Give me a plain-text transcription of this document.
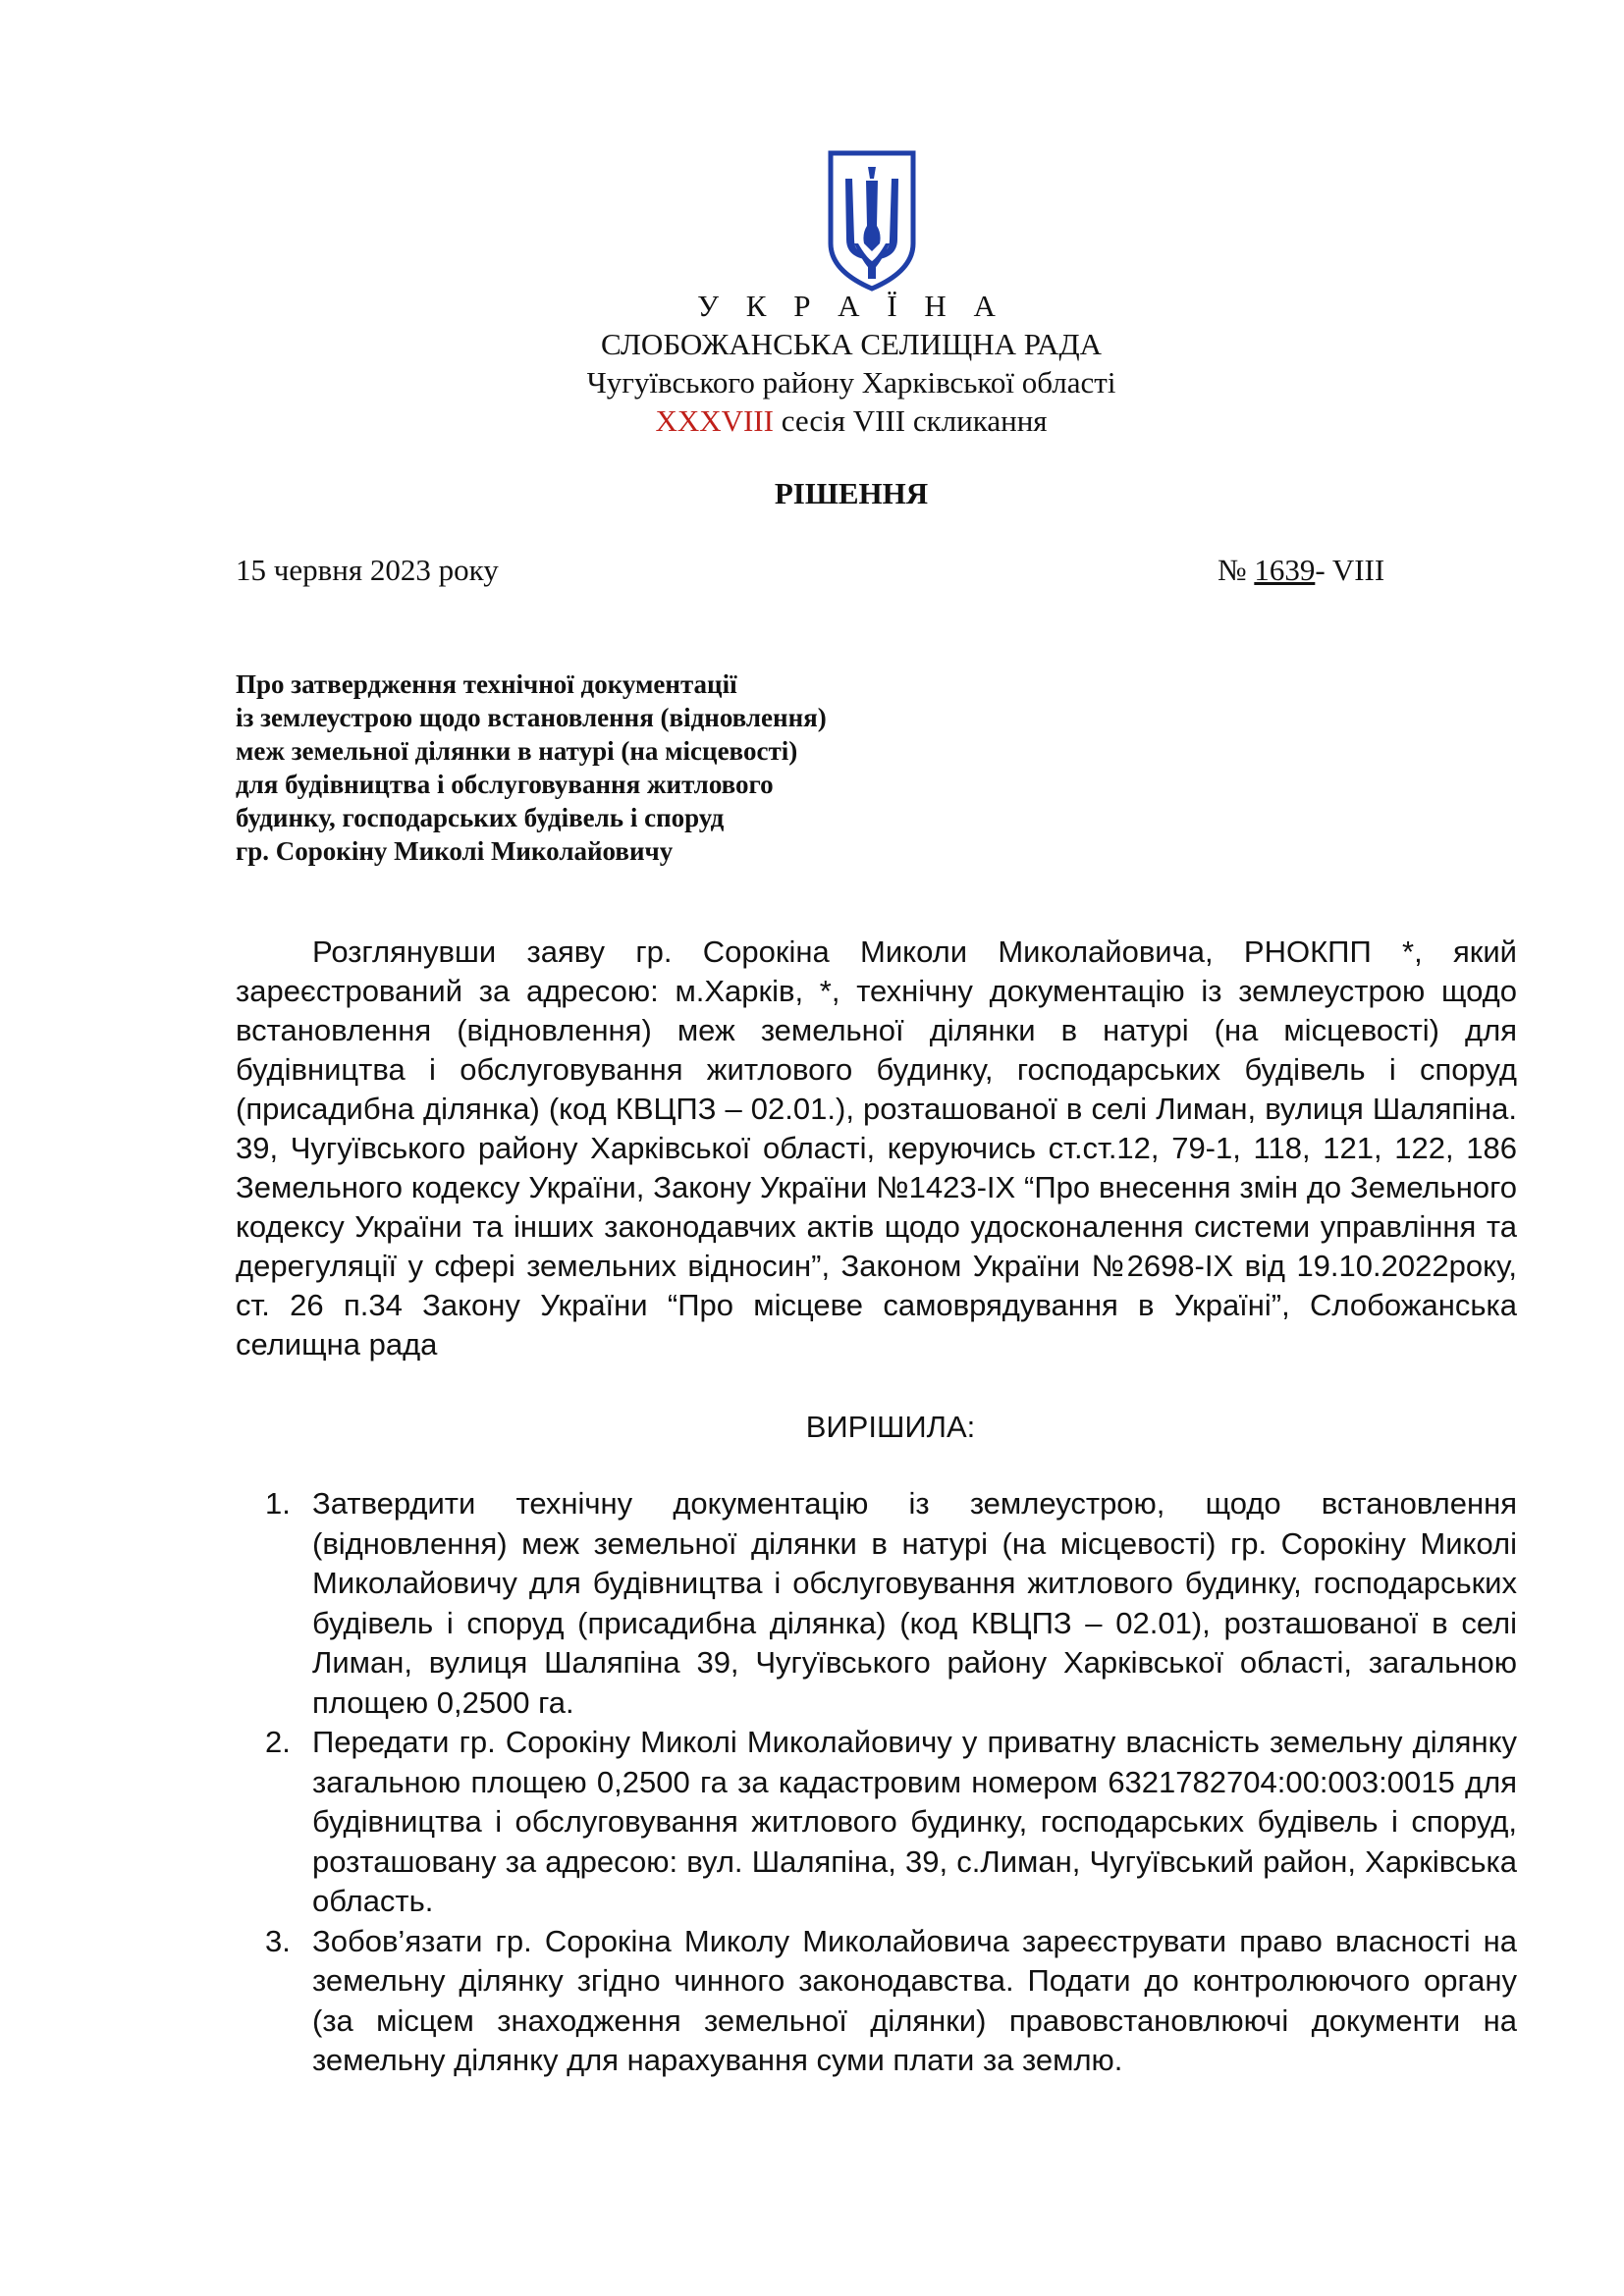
У К Р А Ї Н А
СЛОБОЖАНСЬКА СЕЛИЩНА РАДА
Чугуївського району Харківської області
XXXVIII сесія VIII скликання
РІШЕННЯ
15 червня 2023 року	№ 1639- VIII
Про затвердження технічної документації
із землеустрою щодо встановлення (відновлення)
меж земельної ділянки в натурі (на місцевості)
для будівництва і обслуговування житлового
будинку, господарських будівель і споруд
гр. Сорокіну Миколі Миколайовичу
Розглянувши заяву гр. Сорокіна Миколи Миколайовича, РНОКПП *, який зареєстрований за адресою: м.Харків, *, технічну документацію із землеустрою щодо встановлення (відновлення) меж земельної ділянки в натурі (на місцевості) для будівництва і обслуговування житлового будинку, господарських будівель і споруд (присадибна ділянка) (код КВЦПЗ – 02.01.), розташованої в селі Лиман, вулиця Шаляпіна. 39, Чугуївського району Харківської області, керуючись ст.ст.12, 79-1, 118, 121, 122, 186 Земельного кодексу України, Закону України №1423-IX “Про внесення змін до Земельного кодексу України та інших законодавчих актів щодо удосконалення системи управління та дерегуляції у сфері земельних відносин”, Законом України №2698-IX від 19.10.2022року, ст. 26 п.34 Закону України “Про місцеве самоврядування в Україні”, Слобожанська селищна рада
ВИРІШИЛА:
1. Затвердити технічну документацію із землеустрою, щодо встановлення (відновлення) меж земельної ділянки в натурі (на місцевості) гр. Сорокіну Миколі Миколайовичу для будівництва і обслуговування житлового будинку, господарських будівель і споруд (присадибна ділянка) (код КВЦПЗ – 02.01), розташованої в селі Лиман, вулиця Шаляпіна 39, Чугуївського району Харківської області, загальною площею 0,2500 га.
2. Передати гр. Сорокіну Миколі Миколайовичу у приватну власність земельну ділянку загальною площею 0,2500 га за кадастровим номером 6321782704:00:003:0015 для будівництва і обслуговування житлового будинку, господарських будівель і споруд, розташовану за адресою: вул. Шаляпіна, 39, с.Лиман, Чугуївський район, Харківська область.
3. Зобов’язати гр. Сорокіна Миколу Миколайовича зареєструвати право власності на земельну ділянку згідно чинного законодавства. Подати до контролюючого органу (за місцем знаходження земельної ділянки) правовстановлюючі документи на земельну ділянку для нарахування суми плати за землю.
